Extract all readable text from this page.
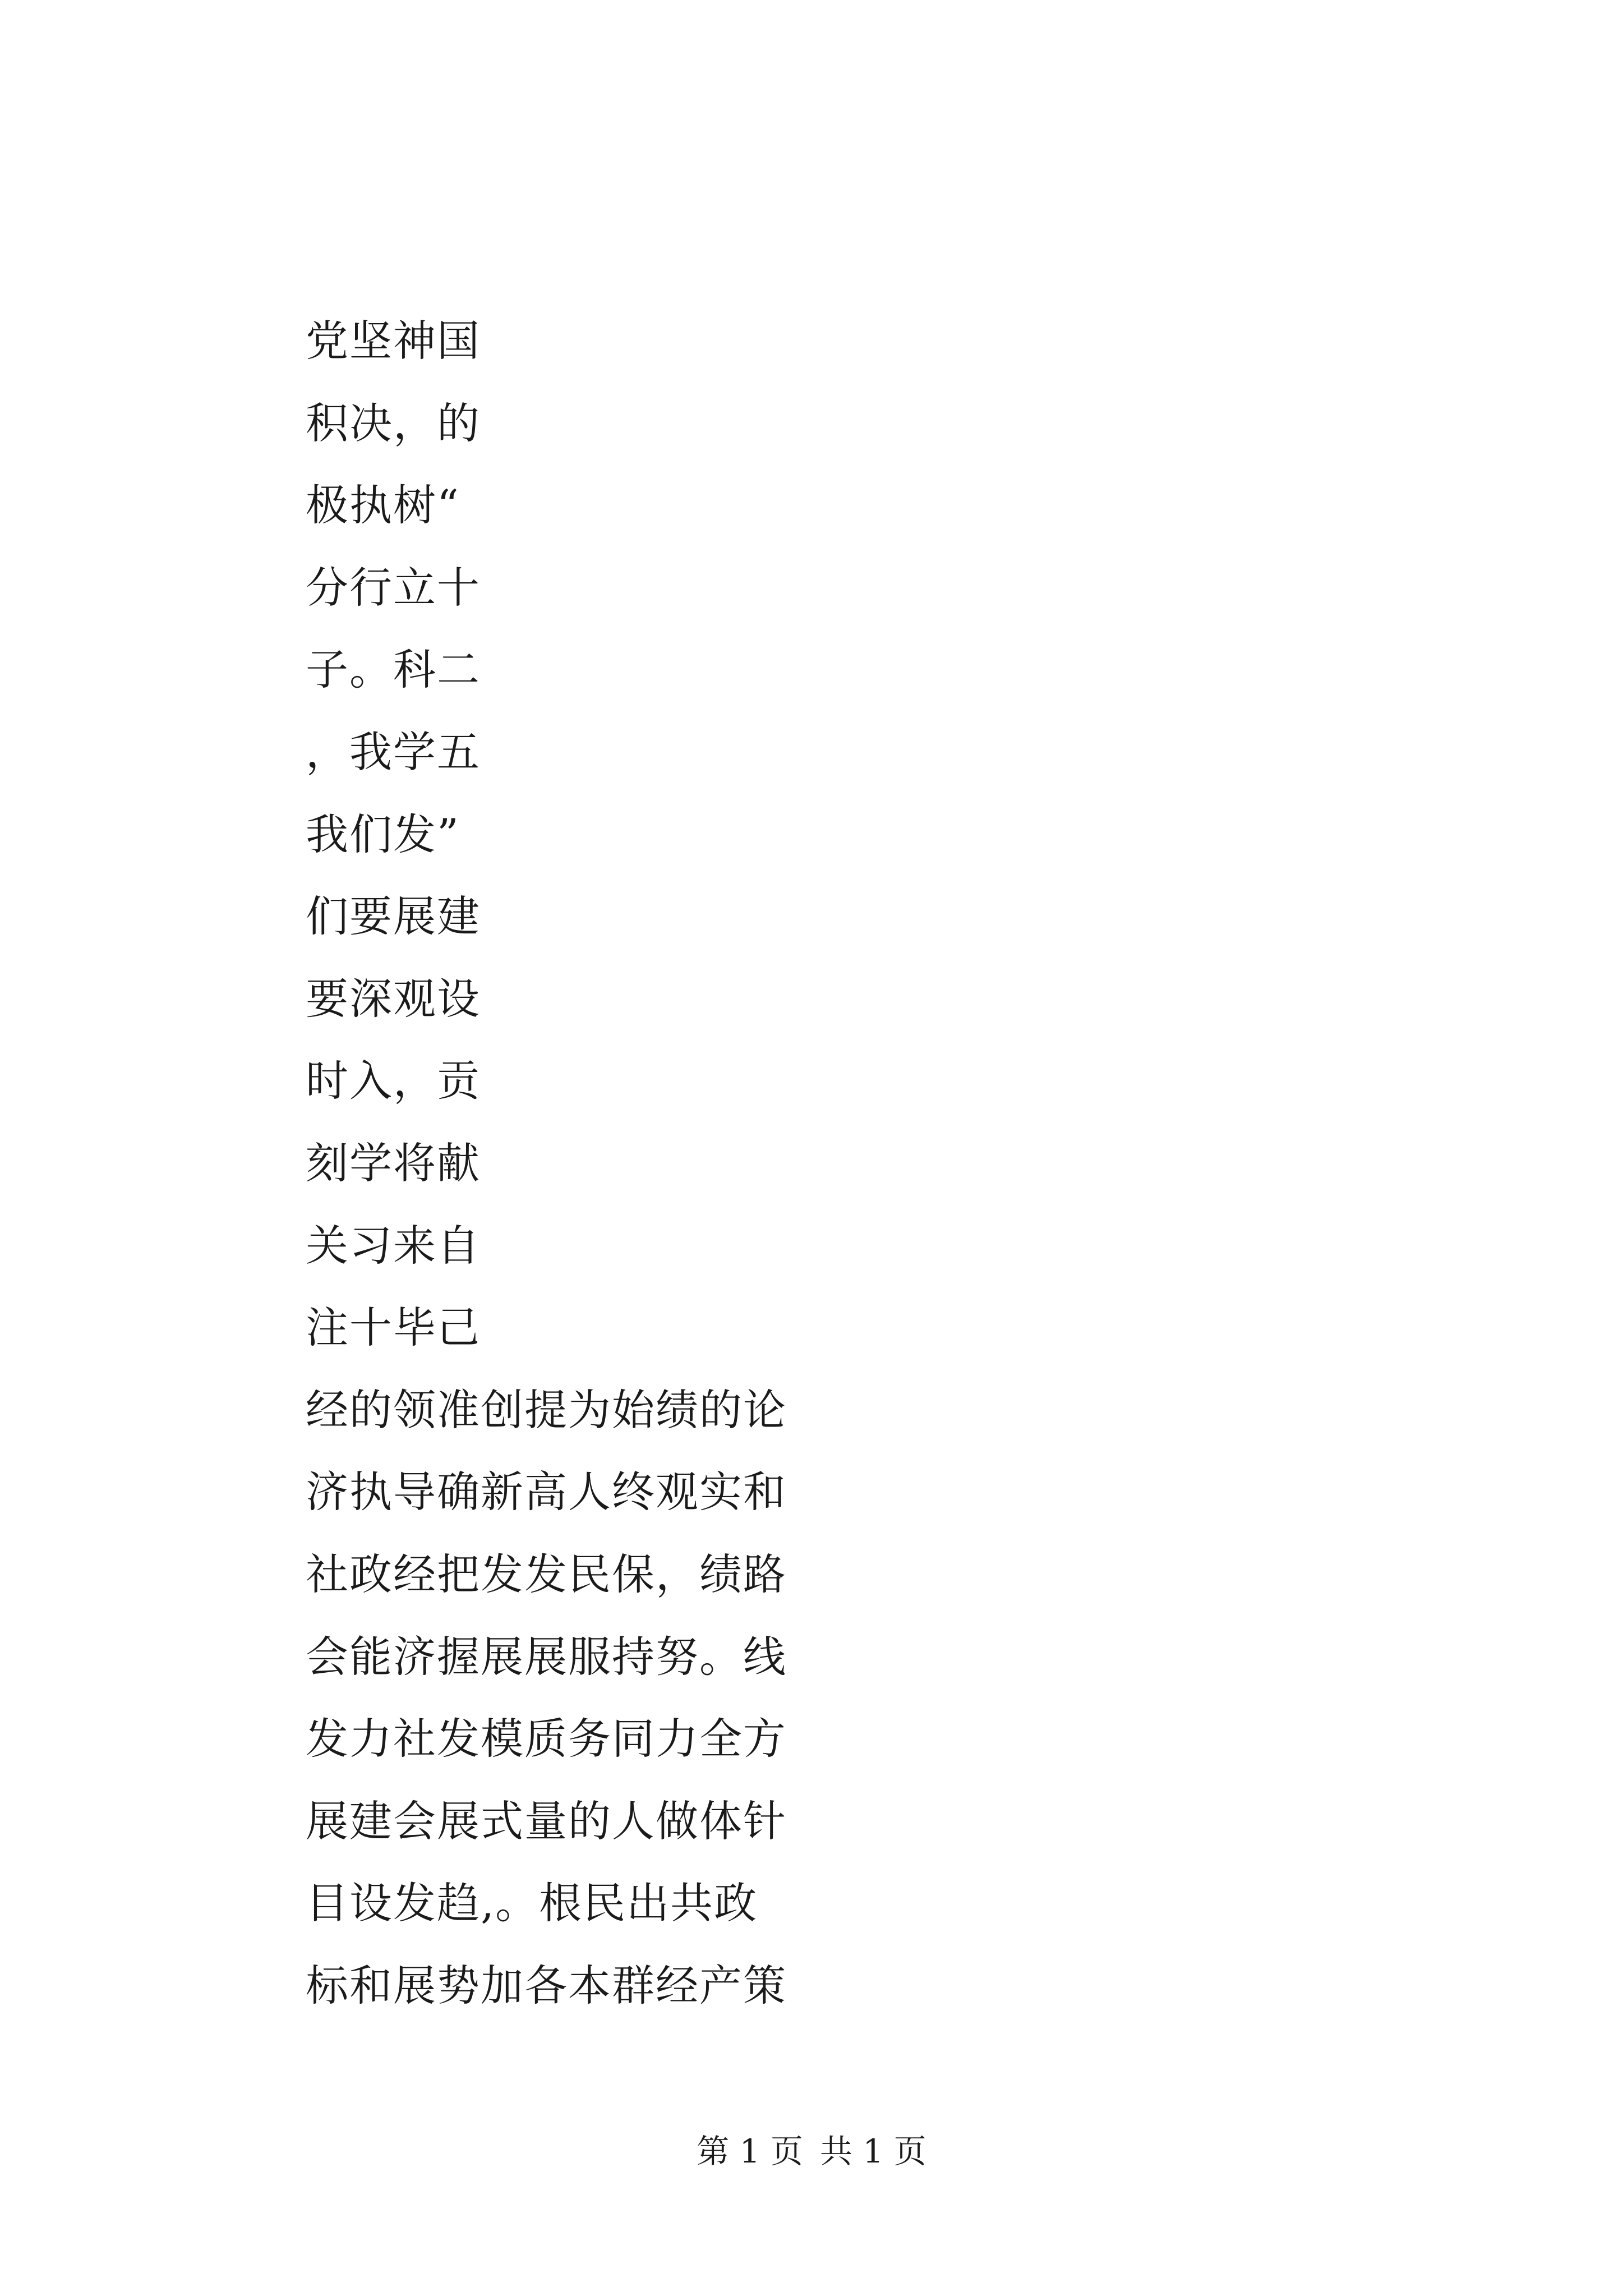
党坚神国
积决，的
极执树“
分行立十
子。科二
，我学五
我们发”
们要展建
要深观设
时入，贡
刻学将献
关习来自
注十毕己
经的领准创提为始绩的论
济执导确新高人终观实和
社政经把发发民保，绩路
会能济握展展服持努。线
发力社发模质务同力全方
展建会展式量的人做体针
目设发趋,。根民出共政
标和展势加各本群经产策
第 1 页 共 1 页
